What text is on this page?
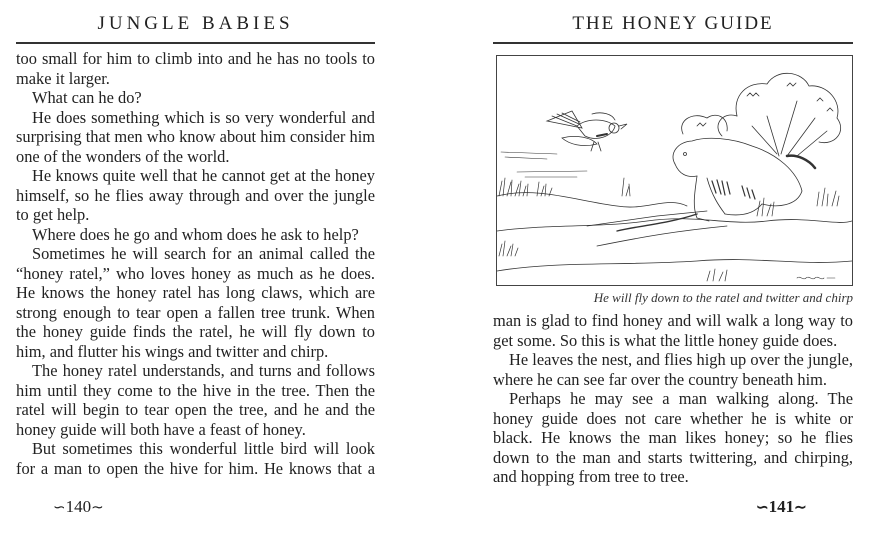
JUNGLE BABIES

too small for him to climb into and he has no tools to make it larger.

What can he do?

He does something which is so very wonderful and surprising that men who know about him consider him one of the wonders of the world.

He knows quite well that he cannot get at the honey himself, so he flies away through and over the jungle to get help.

Where does he go and whom does he ask to help?

Sometimes he will search for an animal called the “honey ratel,” who loves honey as much as he does. He knows the honey ratel has long claws, which are strong enough to tear open a fallen tree trunk. When the honey guide finds the ratel, he will fly down to him, and flutter his wings and twitter and chirp.

The honey ratel understands, and turns and follows him until they come to the hive in the tree. Then the ratel will begin to tear open the tree, and he and the honey guide will both have a feast of honey.

But sometimes this wonderful little bird will look for a man to open the hive for him. He knows that a

∽140∼
THE HONEY GUIDE
He will fly down to the ratel and twitter and chirp

man is glad to find honey and will walk a long way to get some. So this is what the little honey guide does.

He leaves the nest, and flies high up over the jungle, where he can see far over the country beneath him.

Perhaps he may see a man walking along. The honey guide does not care whether he is white or black. He knows the man likes honey; so he flies down to the man and starts twittering, and chirping, and hopping from tree to tree.

∽141∼
